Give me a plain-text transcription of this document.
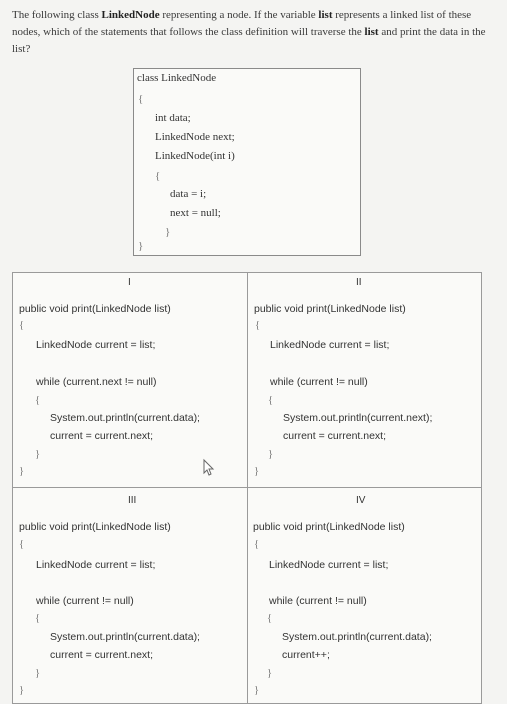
The following class LinkedNode representing a node. If the variable list represents a linked list of these nodes, which of the statements that follows the class definition will traverse the list and print the data in the list?
class LinkedNode
{
int data;
LinkedNode next;
LinkedNode(int i)
{
data = i;
next = null;
}
}
I
public void print(LinkedNode list)
{
LinkedNode current = list;
while (current.next != null)
{
System.out.println(current.data);
current = current.next;
}
}
II
public void print(LinkedNode list)
{
LinkedNode current = list;
while (current != null)
{
System.out.println(current.next);
current = current.next;
}
}
III
public void print(LinkedNode list)
{
LinkedNode current = list;
while (current != null)
{
System.out.println(current.data);
current = current.next;
}
}
IV
public void print(LinkedNode list)
{
LinkedNode current = list;
while (current != null)
{
System.out.println(current.data);
current++;
}
}
